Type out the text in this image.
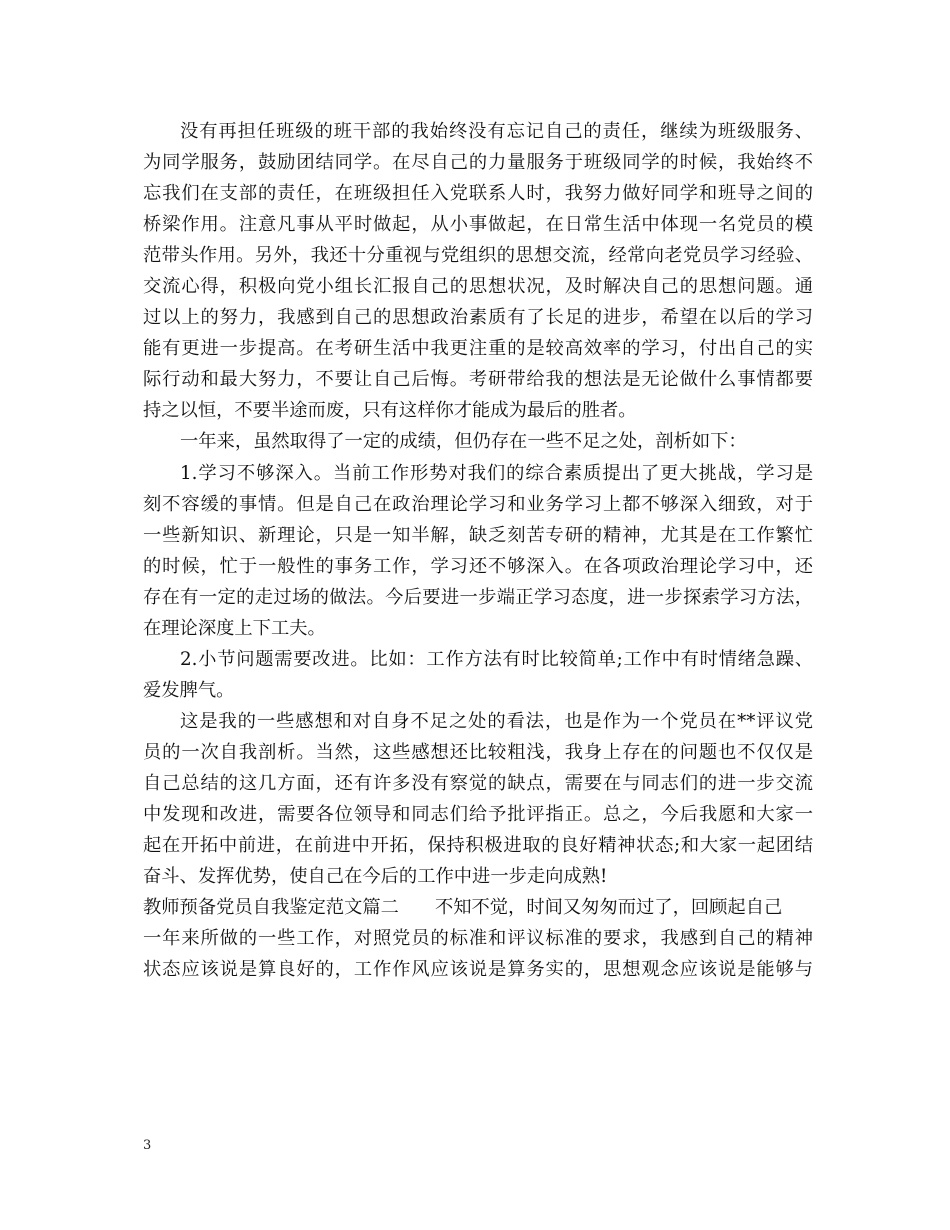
没有再担任班级的班干部的我始终没有忘记自己的责任，继续为班级服务、
为同学服务，鼓励团结同学。在尽自己的力量服务于班级同学的时候，我始终不
忘我们在支部的责任，在班级担任入党联系人时，我努力做好同学和班导之间的
桥梁作用。注意凡事从平时做起，从小事做起，在日常生活中体现一名党员的模
范带头作用。另外，我还十分重视与党组织的思想交流，经常向老党员学习经验、
交流心得，积极向党小组长汇报自己的思想状况，及时解决自己的思想问题。通
过以上的努力，我感到自己的思想政治素质有了长足的进步，希望在以后的学习
能有更进一步提高。在考研生活中我更注重的是较高效率的学习，付出自己的实
际行动和最大努力，不要让自己后悔。考研带给我的想法是无论做什么事情都要
持之以恒，不要半途而废，只有这样你才能成为最后的胜者。
一年来，虽然取得了一定的成绩，但仍存在一些不足之处，剖析如下：
1.学习不够深入。当前工作形势对我们的综合素质提出了更大挑战，学习是
刻不容缓的事情。但是自己在政治理论学习和业务学习上都不够深入细致，对于
一些新知识、新理论，只是一知半解，缺乏刻苦专研的精神，尤其是在工作繁忙
的时候，忙于一般性的事务工作，学习还不够深入。在各项政治理论学习中，还
存在有一定的走过场的做法。今后要进一步端正学习态度，进一步探索学习方法，
在理论深度上下工夫。
2.小节问题需要改进。比如：工作方法有时比较简单;工作中有时情绪急躁、
爱发脾气。
这是我的一些感想和对自身不足之处的看法，也是作为一个党员在**评议党
员的一次自我剖析。当然，这些感想还比较粗浅，我身上存在的问题也不仅仅是
自己总结的这几方面，还有许多没有察觉的缺点，需要在与同志们的进一步交流
中发现和改进，需要各位领导和同志们给予批评指正。总之，今后我愿和大家一
起在开拓中前进，在前进中开拓，保持积极进取的良好精神状态;和大家一起团结
奋斗、发挥优势，使自己在今后的工作中进一步走向成熟!
教师预备党员自我鉴定范文篇二 不知不觉，时间又匆匆而过了，回顾起自己
一年来所做的一些工作，对照党员的标准和评议标准的要求，我感到自己的精神
状态应该说是算良好的，工作作风应该说是算务实的，思想观念应该说是能够与
3
